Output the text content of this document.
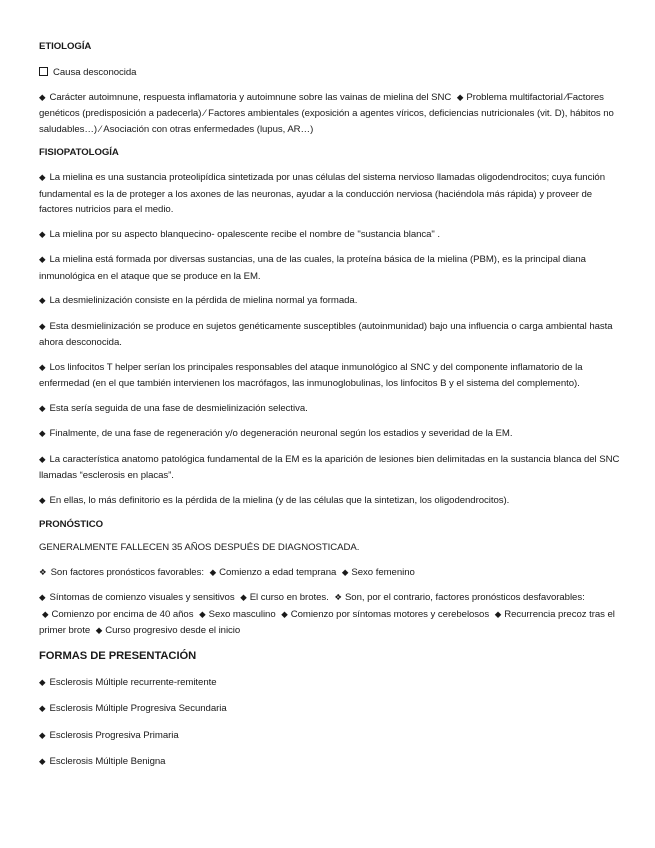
ETIOLOGÍA
Causa desconocida
◆ Carácter autoimnune, respuesta inflamatoria y autoimnune sobre las vainas de mielina del SNC ◆ Problema multifactorial ⁄Factores genéticos (predisposición a padecerla) ⁄ Factores ambientales (exposición a agentes víricos, deficiencias nutricionales (vit. D), hábitos no saludables…) ⁄ Asociación con otras enfermedades (lupus, AR…)
FISIOPATOLOGÍA
◆ La mielina es una sustancia proteolipídica sintetizada por unas células del sistema nervioso llamadas oligodendrocitos; cuya función fundamental es la de proteger a los axones de las neuronas, ayudar a la conducción nerviosa (haciéndola más rápida) y proveer de factores nutricios para el medio.
◆ La mielina por su aspecto blanquecino- opalescente recibe el nombre de "sustancia blanca" .
◆ La mielina está formada por diversas sustancias, una de las cuales, la proteína básica de la mielina (PBM), es la principal diana inmunológica en el ataque que se produce en la EM.
◆ La desmielinización consiste en la pérdida de mielina normal ya formada.
◆ Esta desmielinización se produce en sujetos genéticamente susceptibles (autoinmunidad) bajo una influencia o carga ambiental hasta ahora desconocida.
◆ Los linfocitos T helper serían los principales responsables del ataque inmunológico al SNC y del componente inflamatorio de la enfermedad (en el que también intervienen los macrófagos, las inmunoglobulinas, los linfocitos B y el sistema del complemento).
◆ Esta sería seguida de una fase de desmielinización selectiva.
◆ Finalmente, de una fase de regeneración y/o degeneración neuronal según los estadios y severidad de la EM.
◆ La característica anatomo patológica fundamental de la EM es la aparición de lesiones bien delimitadas en la sustancia blanca del SNC llamadas “esclerosis en placas”.
◆ En ellas, lo más definitorio es la pérdida de la mielina (y de las células que la sintetizan, los oligodendrocitos).
PRONÓSTICO
GENERALMENTE FALLECEN 35 AÑOS DESPUÉS DE DIAGNOSTICADA.
❖ Son factores pronósticos favorables: ◆ Comienzo a edad temprana ◆ Sexo femenino
◆ Síntomas de comienzo visuales y sensitivos ◆ El curso en brotes. ❖ Son, por el contrario, factores pronósticos desfavorables: ◆ Comienzo por encima de 40 años ◆ Sexo masculino ◆ Comienzo por síntomas motores y cerebelosos ◆ Recurrencia precoz tras el primer brote ◆ Curso progresivo desde el inicio
FORMAS DE PRESENTACIÓN
◆ Esclerosis Múltiple recurrente-remitente
◆ Esclerosis Múltiple Progresiva Secundaria
◆ Esclerosis Progresiva Primaria
◆ Esclerosis Múltiple Benigna
